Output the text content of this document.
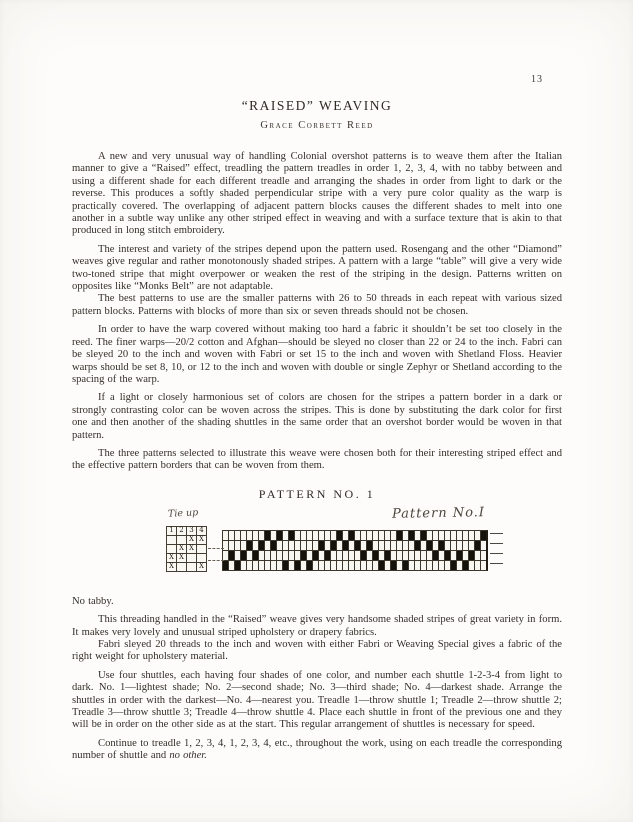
13
“RAISED” WEAVING
Grace Corbett Reed

A new and very unusual way of handling Colonial overshot patterns is to weave them after the Italian manner to give a “Raised” effect, treadling the pattern treadles in order 1, 2, 3, 4, with no tabby between and using a different shade for each different treadle and arranging the shades in order from light to dark or the reverse. This produces a softly shaded perpendicular stripe with a very pure color quality as the warp is practically covered. The overlapping of adjacent pattern blocks causes the different shades to melt into one another in a subtle way unlike any other striped effect in weaving and with a surface texture that is akin to that produced in long stitch embroidery.

The interest and variety of the stripes depend upon the pattern used. Rosengang and the other “Diamond” weaves give regular and rather monotonously shaded stripes. A pattern with a large “table” will give a very wide two-toned stripe that might overpower or weaken the rest of the striping in the design. Patterns written on opposites like “Monks Belt” are not adaptable.

The best patterns to use are the smaller patterns with 26 to 50 threads in each repeat with various sized pattern blocks. Patterns with blocks of more than six or seven threads should not be chosen.

In order to have the warp covered without making too hard a fabric it shouldn’t be set too closely in the reed. The finer warps—20/2 cotton and Afghan—should be sleyed no closer than 22 or 24 to the inch. Fabri can be sleyed 20 to the inch and woven with Fabri or set 15 to the inch and woven with Shetland Floss. Heavier warps should be set 8, 10, or 12 to the inch and woven with double or single Zephyr or Shetland according to the spacing of the warp.

If a light or closely harmonious set of colors are chosen for the stripes a pattern border in a dark or strongly contrasting color can be woven across the stripes. This is done by substituting the dark color for first one and then another of the shading shuttles in the same order that an overshot border would be woven in that pattern.

The three patterns selected to illustrate this weave were chosen both for their interesting striped effect and the effective pattern borders that can be woven from them.

PATTERN NO. 1
Tie up	Pattern No.I
1 2 3 4
X X
X X
X X
X	X

No tabby.

This threading handled in the “Raised” weave gives very handsome shaded stripes of great variety in form. It makes very lovely and unusual striped upholstery or drapery fabrics.

Fabri sleyed 20 threads to the inch and woven with either Fabri or Weaving Special gives a fabric of the right weight for upholstery material.

Use four shuttles, each having four shades of one color, and number each shuttle 1-2-3-4 from light to dark. No. 1—lightest shade; No. 2—second shade; No. 3—third shade; No. 4—darkest shade. Arrange the shuttles in order with the darkest—No. 4—nearest you. Treadle 1—throw shuttle 1; Treadle 2—throw shuttle 2; Treadle 3—throw shuttle 3; Treadle 4—throw shuttle 4. Place each shuttle in front of the previous one and they will be in order on the other side as at the start. This regular arrangement of shuttles is necessary for speed.

Continue to treadle 1, 2, 3, 4, 1, 2, 3, 4, etc., throughout the work, using on each treadle the corresponding number of shuttle and no other.
